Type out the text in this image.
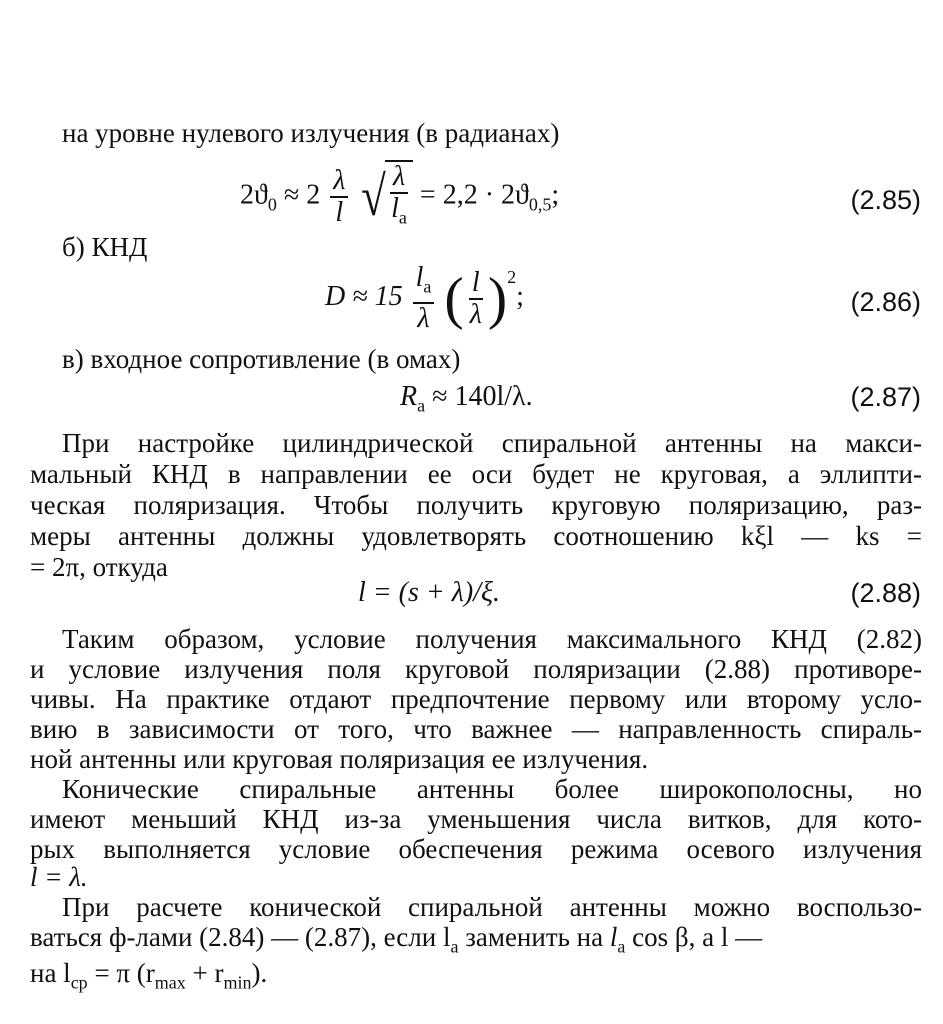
на уровне нулевого излучения (в радианах)
$2ϑ_0 \approx 2 \frac{\lambda}{l}$ √ $\frac{\lambda}{l_a} = 2,2 \cdot 2ϑ_{0,5}$;	(2.85)
б) КНД
$D \approx 15 \frac{l_a}{\lambda}$ ( $\frac{l}{\lambda} )^2$;	(2.86)
в) входное сопротивление (в омах)
$R_a \approx 140l/\lambda$.	(2.87)
При настройке цилиндрической спиральной антенны на макси-
мальный КНД в направлении ее оси будет не круговая, а эллипти-
ческая поляризация. Чтобы получить круговую поляризацию, раз-
меры антенны должны удовлетворять соотношению kξl — ks =
= 2π, откуда
l = (s + λ)/ξ.	(2.88)
Таким образом, условие получения максимального КНД (2.82)
и условие излучения поля круговой поляризации (2.88) противоре-
чивы. На практике отдают предпочтение первому или второму усло-
вию в зависимости от того, что важнее — направленность спираль-
ной антенны или круговая поляризация ее излучения.
Конические спиральные антенны более широкополосны, но
имеют меньший КНД из-за уменьшения числа витков, для кото-
рых выполняется условие обеспечения режима осевого излучения
l = λ.
При расчете конической спиральной антенны можно воспользо-
ваться ф-лами (2.84) — (2.87), если $l_a$ заменить на $l_a$ cos β, а l —
на $l_{ср} = \pi$ $(r_{max} + r_{min})$.
